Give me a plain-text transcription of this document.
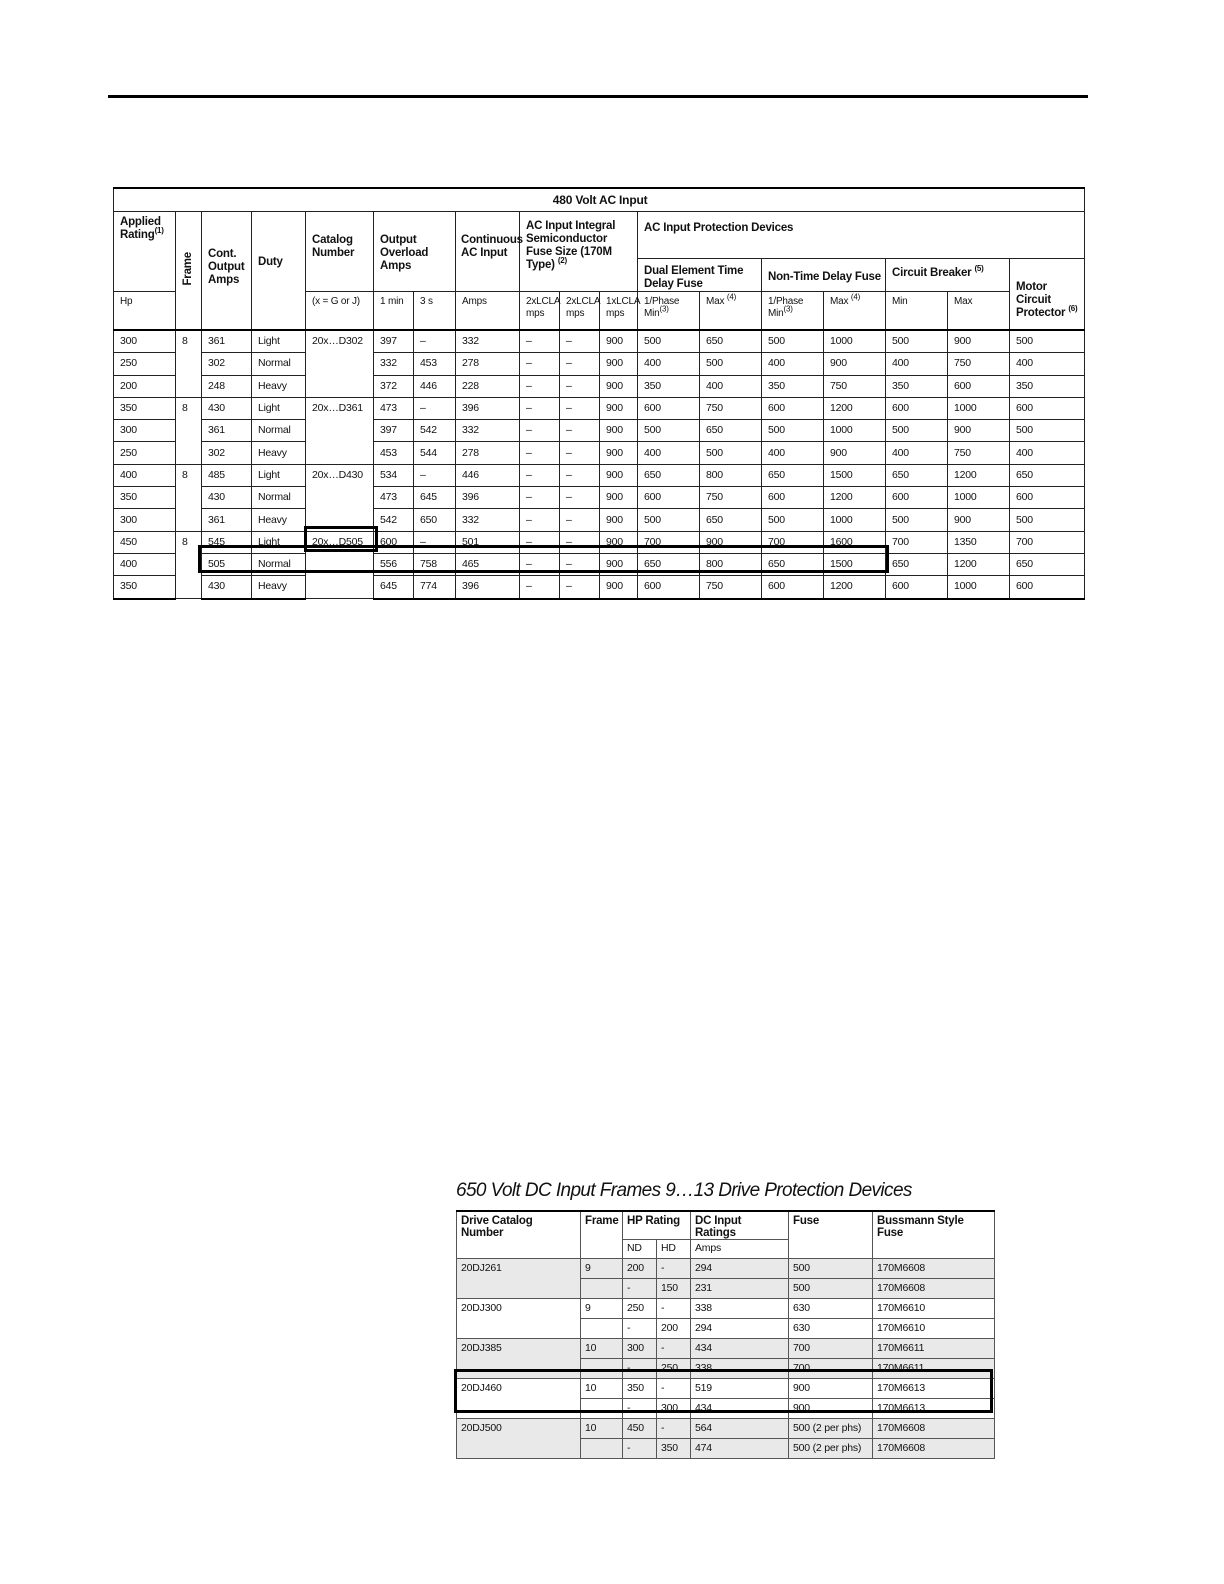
480 Volt AC Input																	
Applied Rating$^{(1)}$	Frame	Cont. Output Amps	Duty	Catalog Number	Output Overload Amps		Continuous AC Input	AC Input Integral Semiconductor Fuse Size (170M Type) $^{(2)}$			AC Input Protection Devices						
											Dual Element Time Delay Fuse		Non-Time Delay Fuse		Circuit Breaker $^{(5)}$		Motor Circuit Protector $^{(6)}$
Hp				(x = G or J)	1 min	3 s	Amps	2xLCLA mps	2xLCLA mps	1xLCLA mps	1/Phase Min$^{(3)}$	Max $^{(4)}$	1/Phase Min$^{(3)}$	Max $^{(4)}$	Min	Max	
300	8	361	Light	20x…D302	397	–	332	–	–	900	500	650	500	1000	500	900	500
250		302	Normal		332	453	278	–	–	900	400	500	400	900	400	750	400
200		248	Heavy		372	446	228	–	–	900	350	400	350	750	350	600	350
350	8	430	Light	20x…D361	473	–	396	–	–	900	600	750	600	1200	600	1000	600
300		361	Normal		397	542	332	–	–	900	500	650	500	1000	500	900	500
250		302	Heavy		453	544	278	–	–	900	400	500	400	900	400	750	400
400	8	485	Light	20x…D430	534	–	446	–	–	900	650	800	650	1500	650	1200	650
350		430	Normal		473	645	396	–	–	900	600	750	600	1200	600	1000	600
300		361	Heavy		542	650	332	–	–	900	500	650	500	1000	500	900	500
450	8	545	Light	20x…D505	600	–	501	–	–	900	700	900	700	1600	700	1350	700
400		505	Normal		556	758	465	–	–	900	650	800	650	1500	650	1200	650
350		430	Heavy		645	774	396	–	–	900	600	750	600	1200	600	1000	600
650 Volt DC Input Frames 9…13 Drive Protection Devices
Drive Catalog Number	Frame	HP Rating		DC Input Ratings	Fuse	Bussmann Style Fuse
		ND	HD	Amps		
20DJ261	9	200	-	294	500	170M6608
		-	150	231	500	170M6608
20DJ300	9	250	-	338	630	170M6610
		-	200	294	630	170M6610
20DJ385	10	300	-	434	700	170M6611
		-	250	338	700	170M6611
20DJ460	10	350	-	519	900	170M6613
		-	300	434	900	170M6613
20DJ500	10	450	-	564	500 (2 per phs)	170M6608
		-	350	474	500 (2 per phs)	170M6608
